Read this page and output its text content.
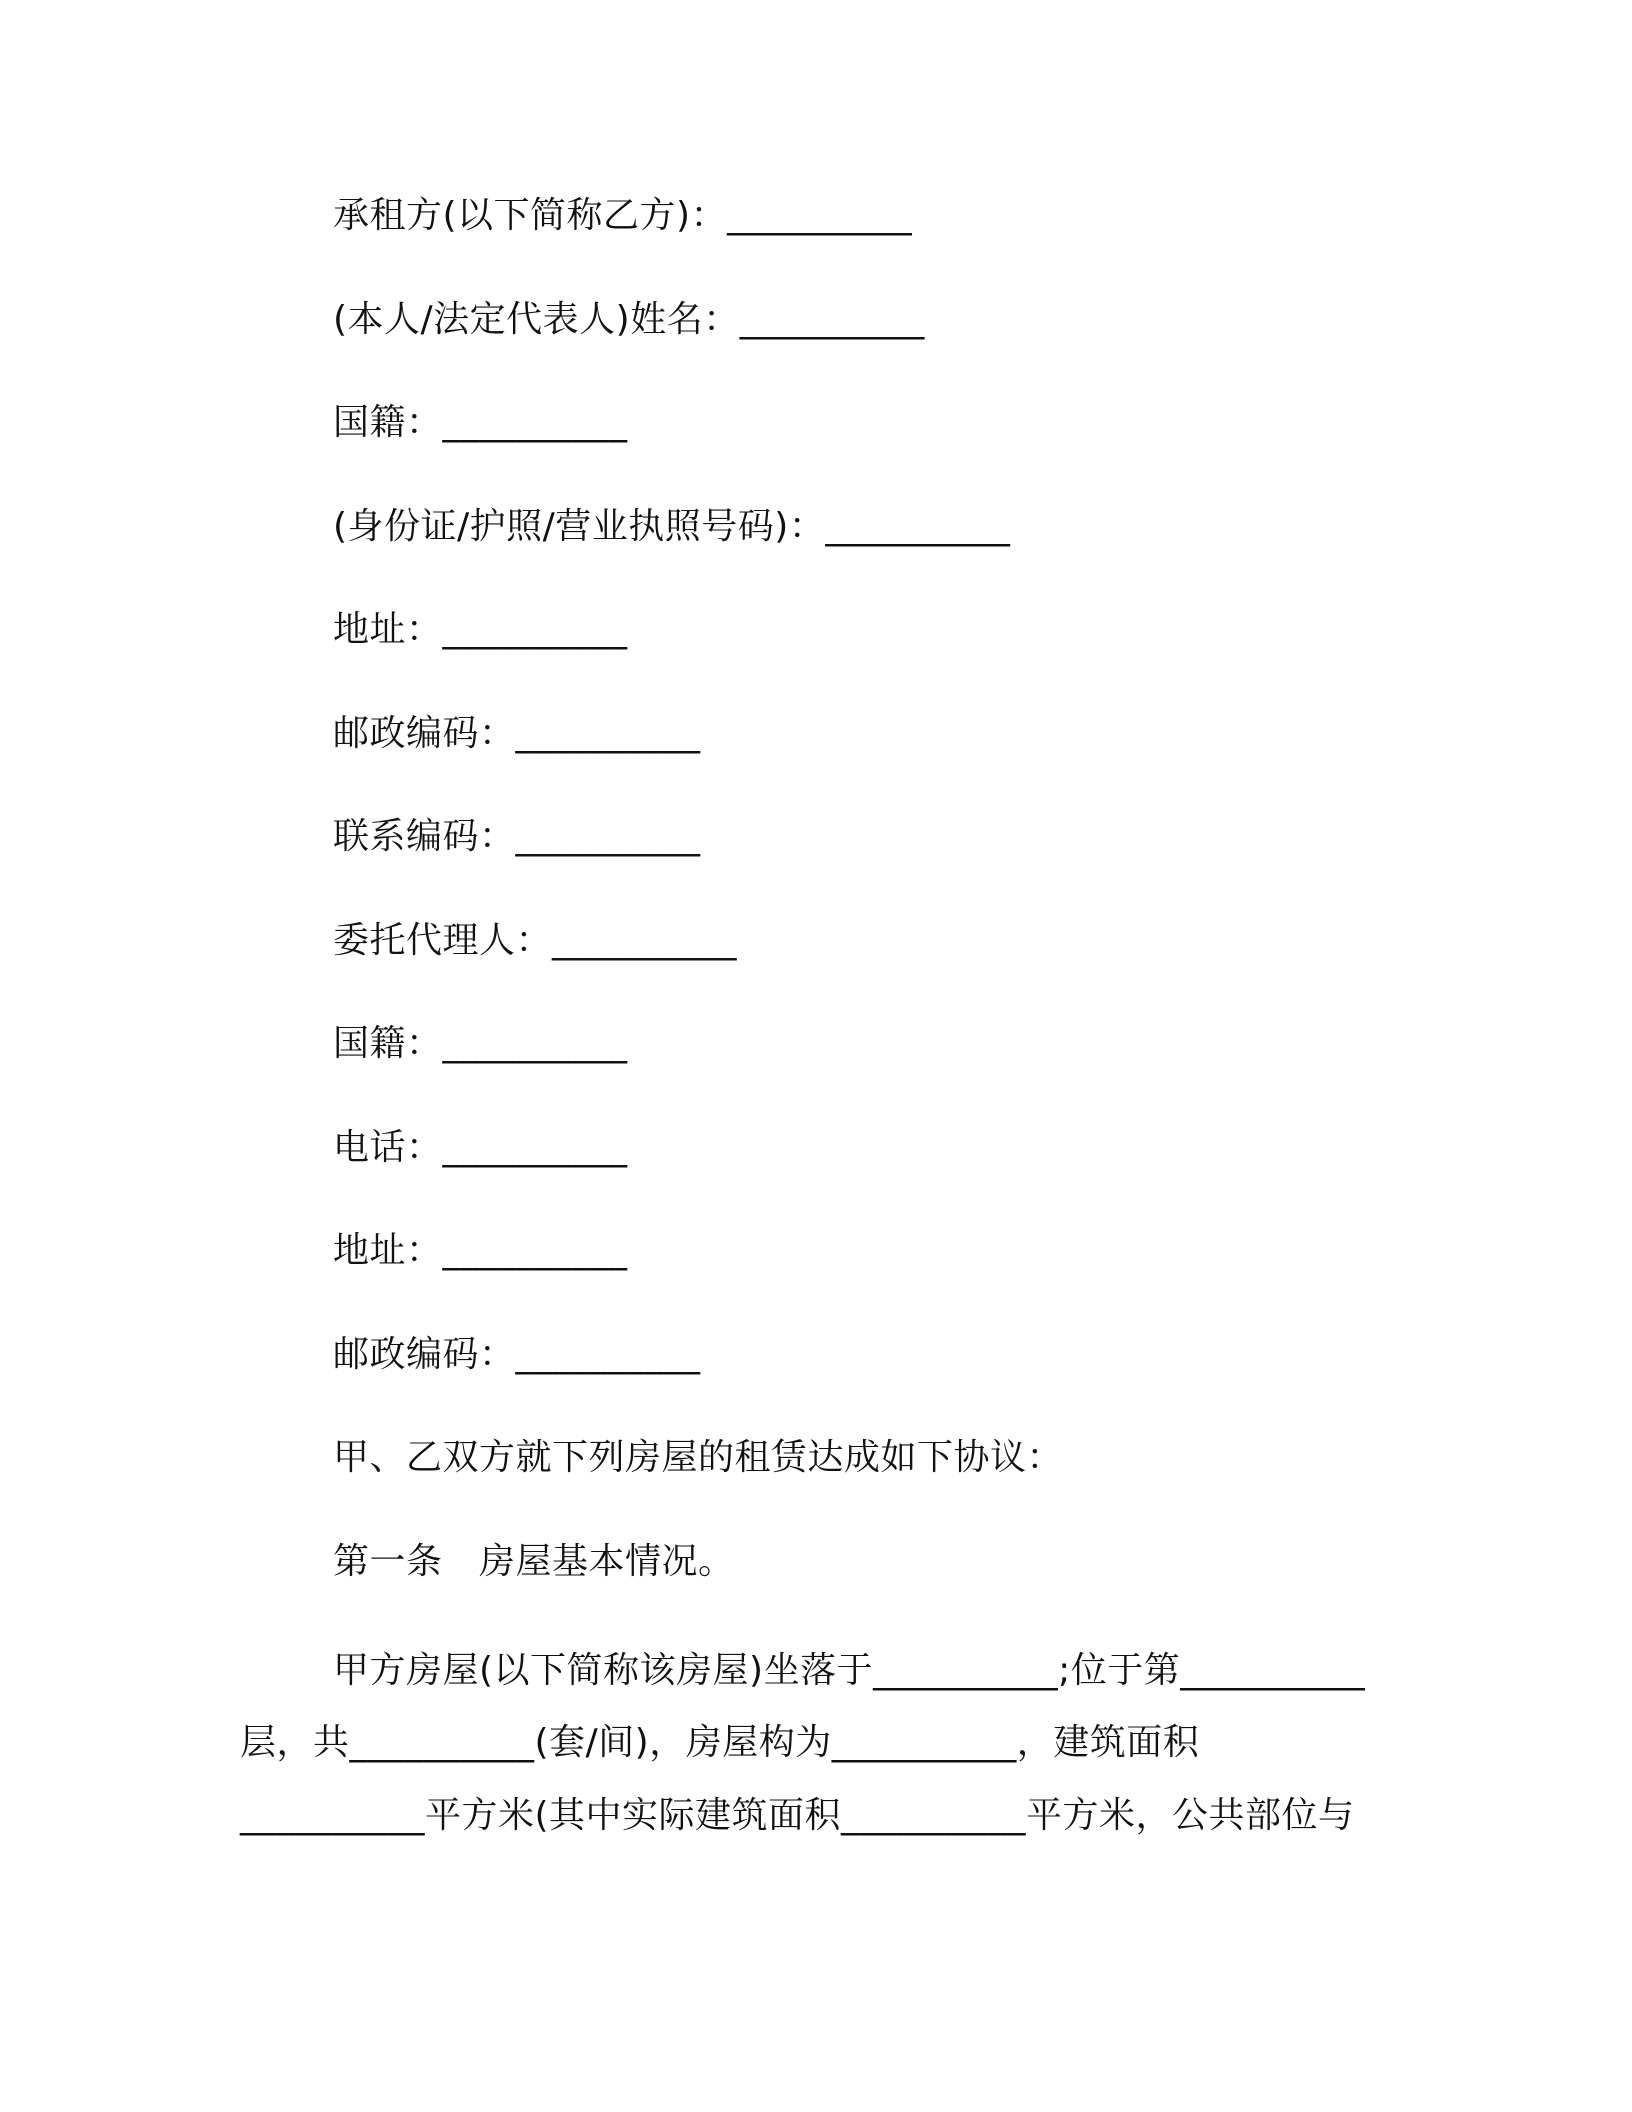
承租方(以下简称乙方)：__________
(本人/法定代表人)姓名：__________
国籍：__________
(身份证/护照/营业执照号码)：__________
地址：__________
邮政编码：__________
联系编码：__________
委托代理人：__________
国籍：__________
电话：__________
地址：__________
邮政编码：__________
甲、乙双方就下列房屋的租赁达成如下协议：
第一条　房屋基本情况。
甲方房屋(以下简称该房屋)坐落于__________;位于第__________
层，共__________(套/间)，房屋构为__________，建筑面积
__________平方米(其中实际建筑面积__________平方米，公共部位与
